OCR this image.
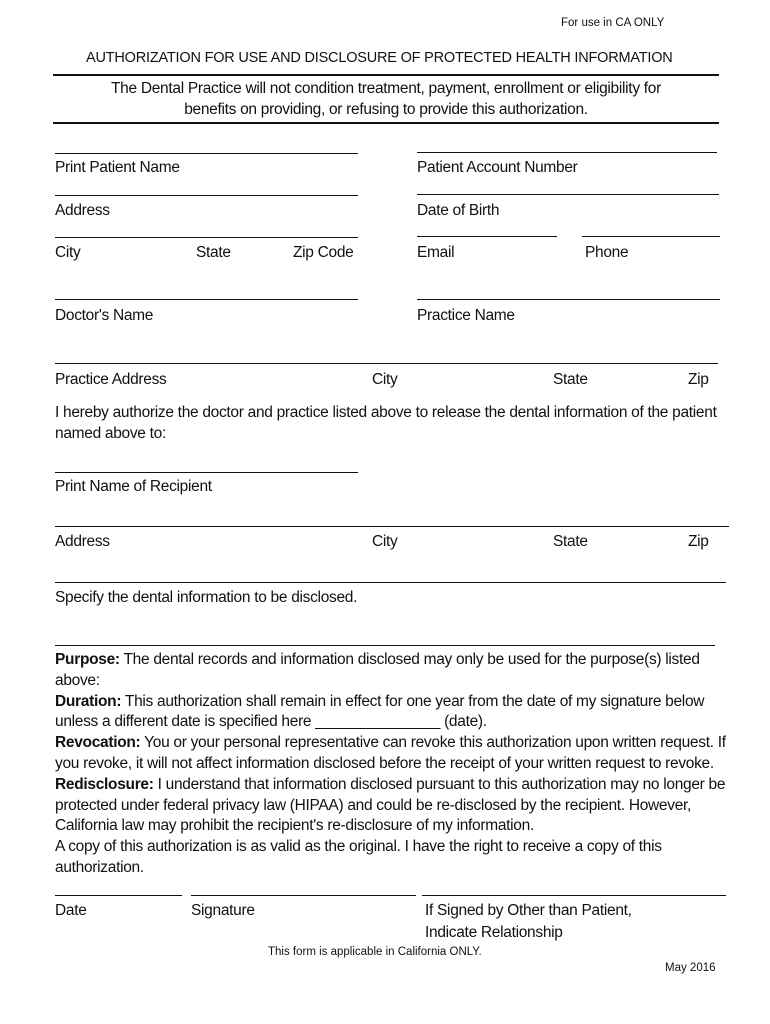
For use in CA ONLY
AUTHORIZATION FOR USE AND DISCLOSURE OF PROTECTED HEALTH INFORMATION
The Dental Practice will not condition treatment, payment, enrollment or eligibility for
benefits on providing, or refusing to provide this authorization.
Print Patient Name	Patient Account Number
Address	Date of Birth
City	State	Zip Code	Email	Phone
Doctor's Name	Practice Name
Practice Address	City	State	Zip
I hereby authorize the doctor and practice listed above to release the dental information of the patient
named above to:
Print Name of Recipient
Address	City	State	Zip
Specify the dental information to be disclosed.

Purpose: The dental records and information disclosed may only be used for the purpose(s) listed above:

Duration: This authorization shall remain in effect for one year from the date of my signature below unless a different date is specified here _______________ (date).

Revocation: You or your personal representative can revoke this authorization upon written request. If you revoke, it will not affect information disclosed before the receipt of your written request to revoke.

Redisclosure: I understand that information disclosed pursuant to this authorization may no longer be protected under federal privacy law (HIPAA) and could be re-disclosed by the recipient. However, California law may prohibit the recipient's re-disclosure of my information.

A copy of this authorization is as valid as the original. I have the right to receive a copy of this authorization.

Date	Signature	If Signed by Other than Patient,
Indicate Relationship
This form is applicable in California ONLY.
May 2016
